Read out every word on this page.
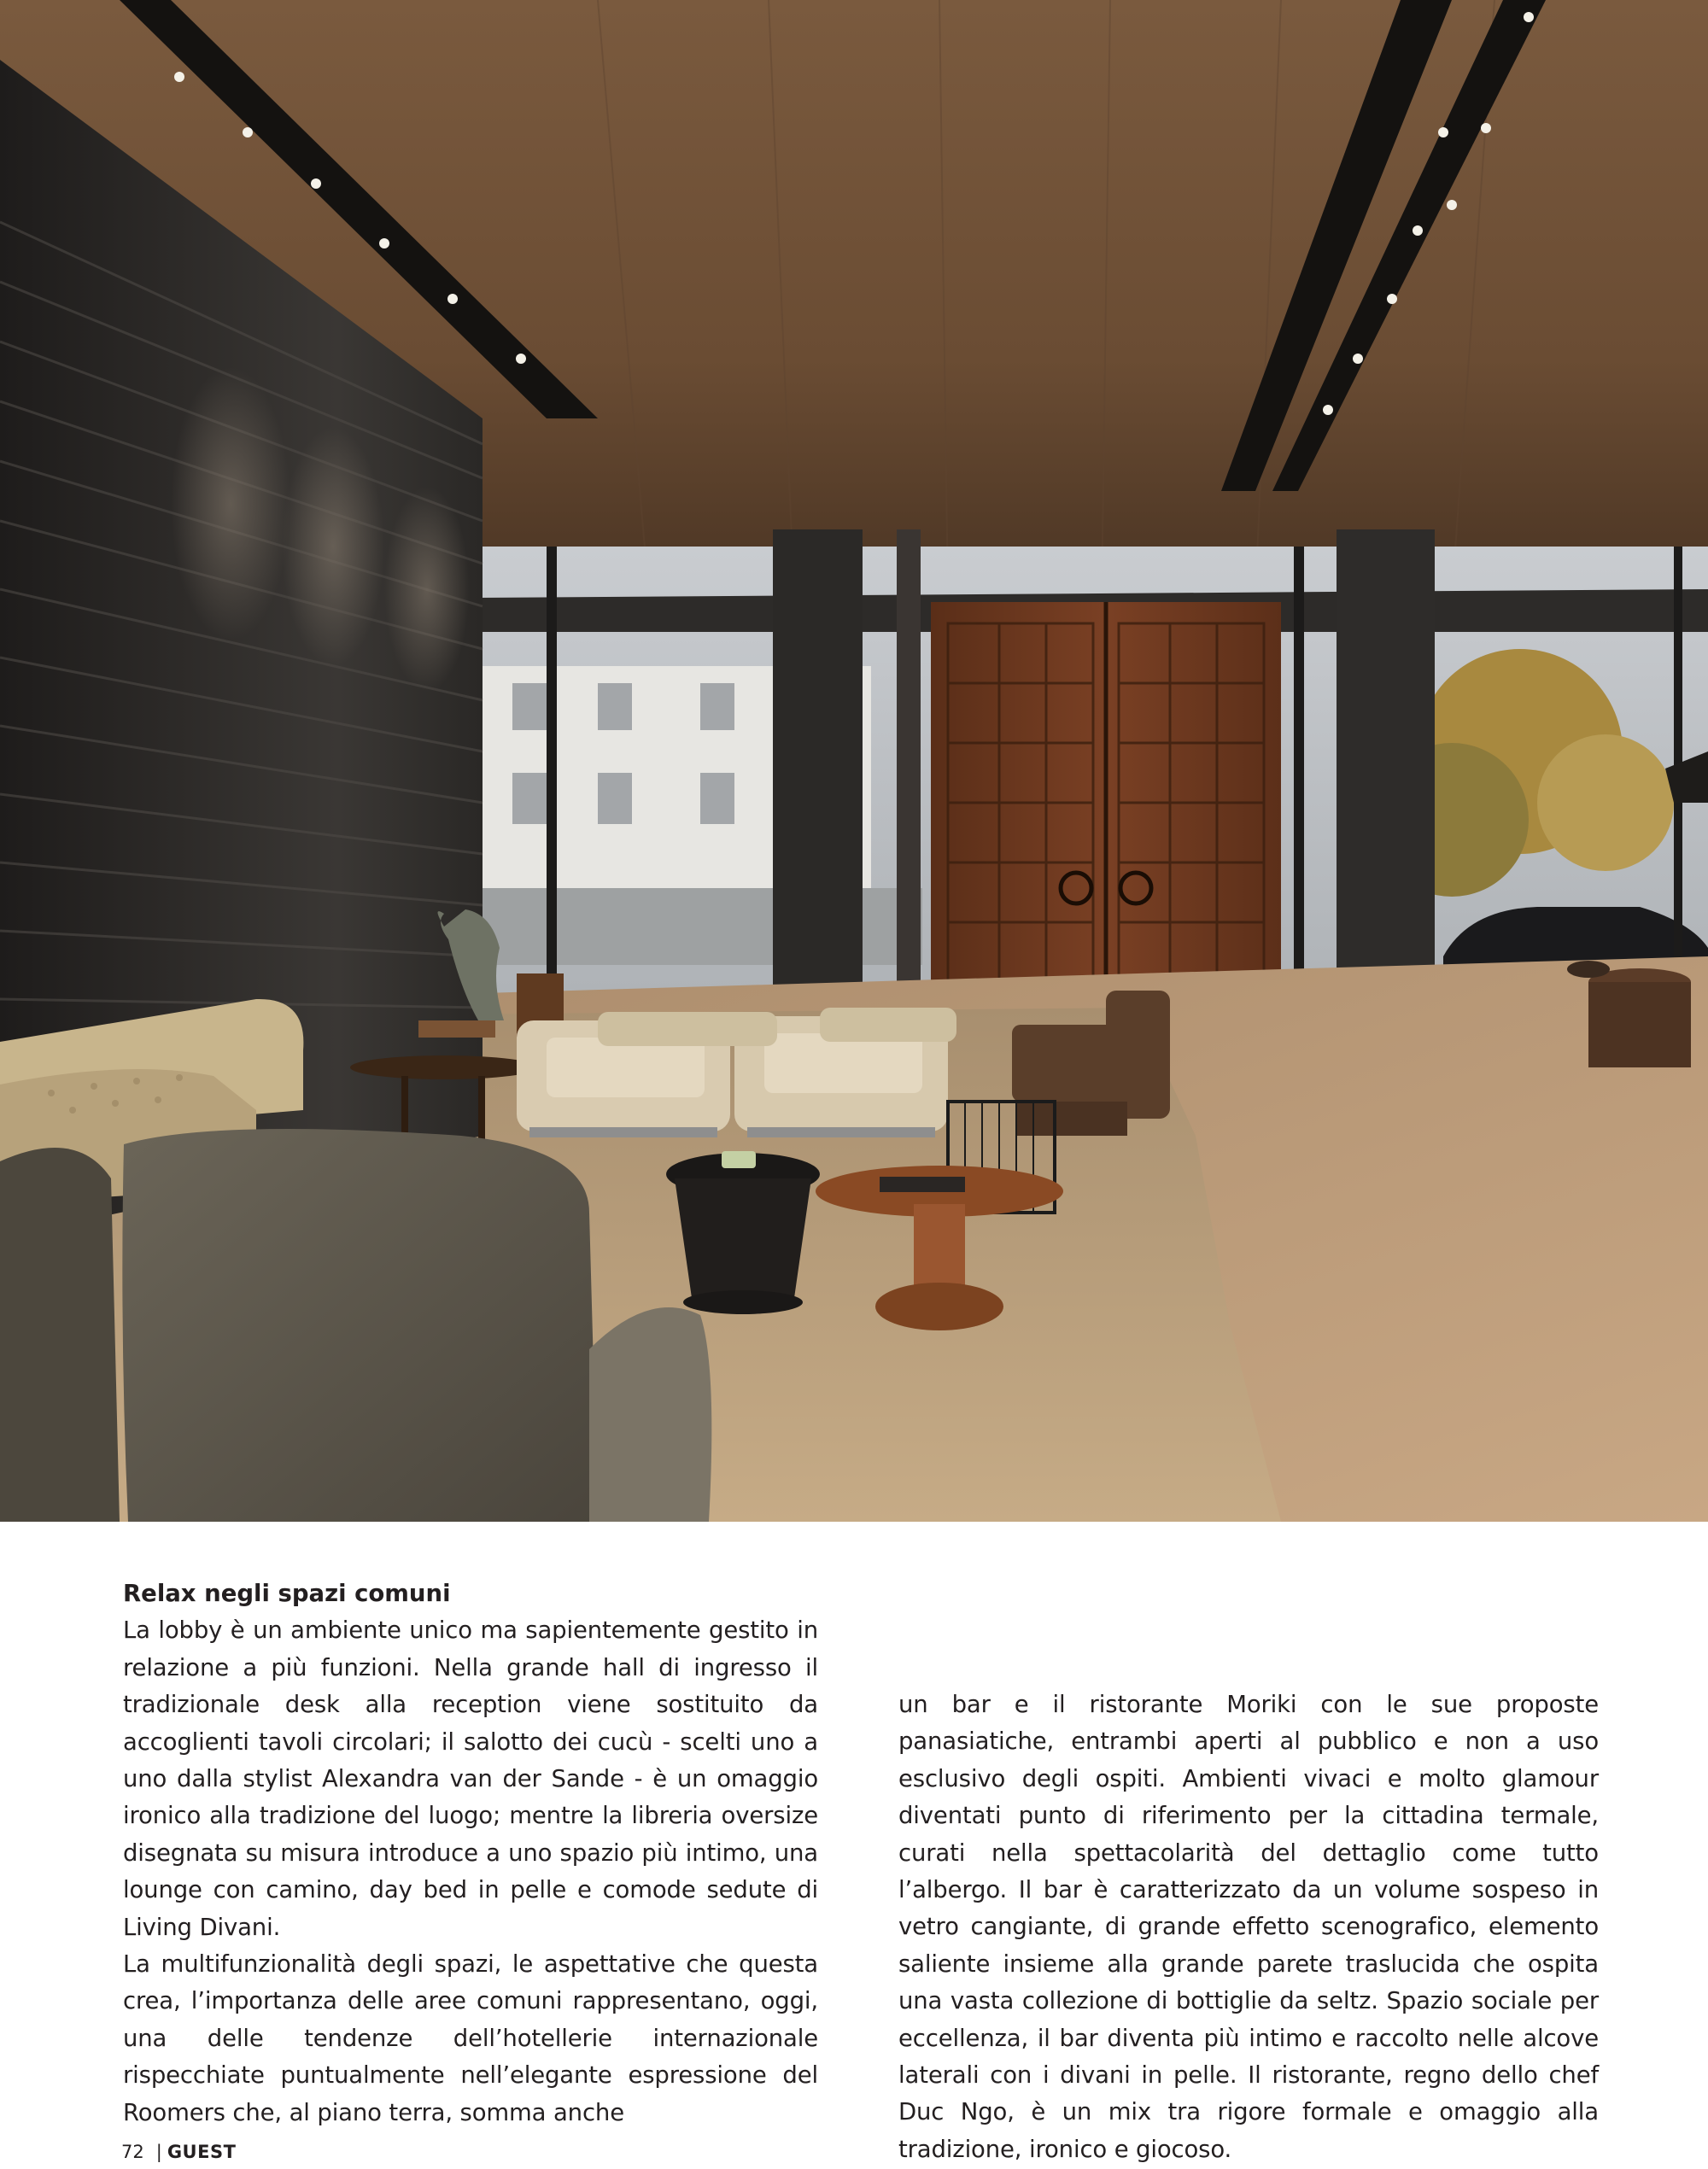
Relax negli spazi comuni

La lobby è un ambiente unico ma sapientemente gestito in relazione a più funzioni. Nella grande hall di ingresso il tradizionale desk alla reception viene sostituito da accoglienti tavoli circolari; il salotto dei cucù - scelti uno a uno dalla stylist Alexandra van der Sande - è un omaggio ironico alla tradizione del luogo; mentre la libreria oversize disegnata su misura introduce a uno spazio più intimo, una lounge con camino, day bed in pelle e comode sedute di Living Divani.

La multifunzionalità degli spazi, le aspettative che questa crea, l’importanza delle aree comuni rappresentano, oggi, una delle tendenze dell’hotellerie internazionale rispecchiate puntualmente nell’elegante espressione del Roomers che, al piano terra, somma anche

un bar e il ristorante Moriki con le sue proposte panasiatiche, entrambi aperti al pubblico e non a uso esclusivo degli ospiti. Ambienti vivaci e molto glamour diventati punto di riferimento per la cittadina termale, curati nella spettacolarità del dettaglio come tutto l’albergo. Il bar è caratterizzato da un volume sospeso in vetro cangiante, di grande effetto scenografico, elemento saliente insieme alla grande parete traslucida che ospita una vasta collezione di bottiglie da seltz. Spazio sociale per eccellenza, il bar diventa più intimo e raccolto nelle alcove laterali con i divani in pelle. Il ristorante, regno dello chef Duc Ngo, è un mix tra rigore formale e omaggio alla tradizione, ironico e giocoso.

72 | GUEST
